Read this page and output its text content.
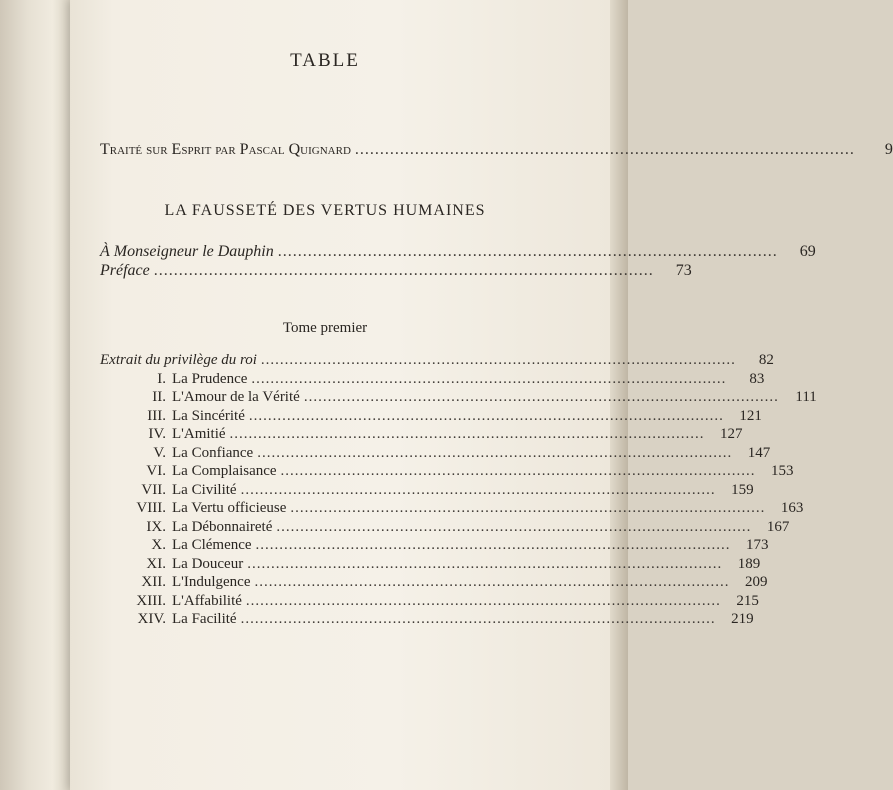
TABLE
Traité sur Esprit par Pascal Quignard ....................................................................................................	9
LA FAUSSETÉ DES VERTUS HUMAINES
À Monseigneur le Dauphin ....................................................................................................	69
Préface ....................................................................................................	73
Tome premier
Extrait du privilège du roi ....................................................................................................	82
I. La Prudence ....................................................................................................	83
II. L'Amour de la Vérité ....................................................................................................	111
III. La Sincérité ....................................................................................................	121
IV. L'Amitié ....................................................................................................	127
V. La Confiance ....................................................................................................	147
VI. La Complaisance ....................................................................................................	153
VII. La Civilité ....................................................................................................	159
VIII. La Vertu officieuse ....................................................................................................	163
IX. La Débonnaireté ....................................................................................................	167
X. La Clémence ....................................................................................................	173
XI. La Douceur ....................................................................................................	189
XII. L'Indulgence ....................................................................................................	209
XIII. L'Affabilité ....................................................................................................	215
XIV. La Facilité ....................................................................................................	219
